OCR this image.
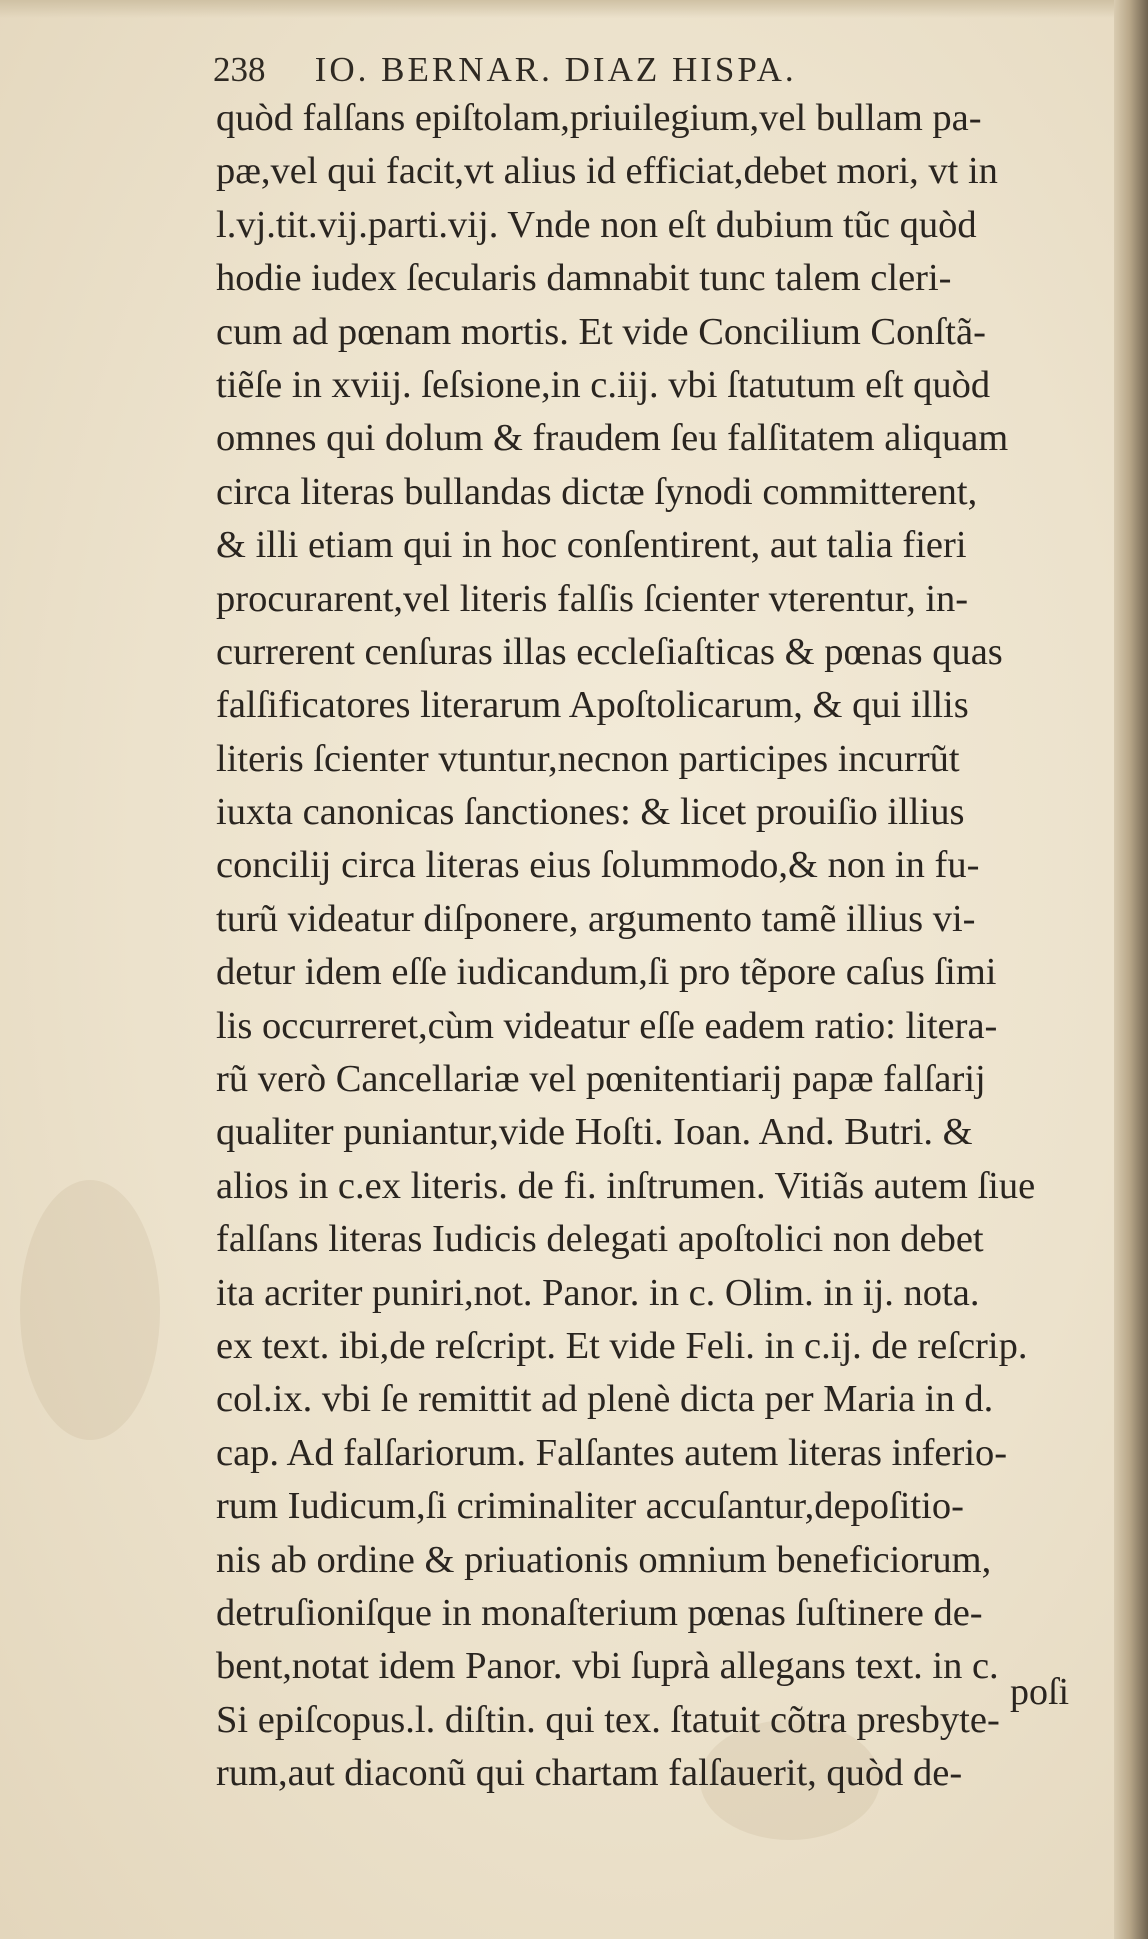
238 IO. BERNAR. DIAZ HISPA.
quòd falſans epiſtolam,priuilegium,vel bullam pa-
pæ,vel qui facit,vt alius id efficiat,debet mori, vt in
l.vj.tit.vij.parti.vij. Vnde non eſt dubium tũc quòd
hodie iudex ſecularis damnabit tunc talem cleri-
cum ad pœnam mortis. Et vide Concilium Conſtã-
tiẽſe in xviij. ſeſsione,in c.iij. vbi ſtatutum eſt quòd
omnes qui dolum & fraudem ſeu falſitatem aliquam
circa literas bullandas dictæ ſynodi committerent,
& illi etiam qui in hoc conſentirent, aut talia fieri
procurarent,vel literis falſis ſcienter vterentur, in-
currerent cenſuras illas eccleſiaſticas & pœnas quas
falſificatores literarum Apoſtolicarum, & qui illis
literis ſcienter vtuntur,necnon participes incurrũt
iuxta canonicas ſanctiones: & licet prouiſio illius
concilij circa literas eius ſolummodo,& non in fu-
turũ videatur diſponere, argumento tamẽ illius vi-
detur idem eſſe iudicandum,ſi pro tẽpore caſus ſimi
lis occurreret,cùm videatur eſſe eadem ratio: litera-
rũ verò Cancellariæ vel pœnitentiarij papæ falſarij
qualiter puniantur,vide Hoſti. Ioan. And. Butri. &
alios in c.ex literis. de fi. inſtrumen. Vitiãs autem ſiue
falſans literas Iudicis delegati apoſtolici non debet
ita acriter puniri,not. Panor. in c. Olim. in ij. nota.
ex text. ibi,de reſcript. Et vide Feli. in c.ij. de reſcrip.
col.ix. vbi ſe remittit ad plenè dicta per Maria in d.
cap. Ad falſariorum. Falſantes autem literas inferio-
rum Iudicum,ſi criminaliter accuſantur,depoſitio-
nis ab ordine & priuationis omnium beneficiorum,
detruſioniſque in monaſterium pœnas ſuſtinere de-
bent,notat idem Panor. vbi ſuprà allegans text. in c.
Si epiſcopus.l. diſtin. qui tex. ſtatuit cõtra presbyte-
rum,aut diaconũ qui chartam falſauerit, quòd de-
poſi
